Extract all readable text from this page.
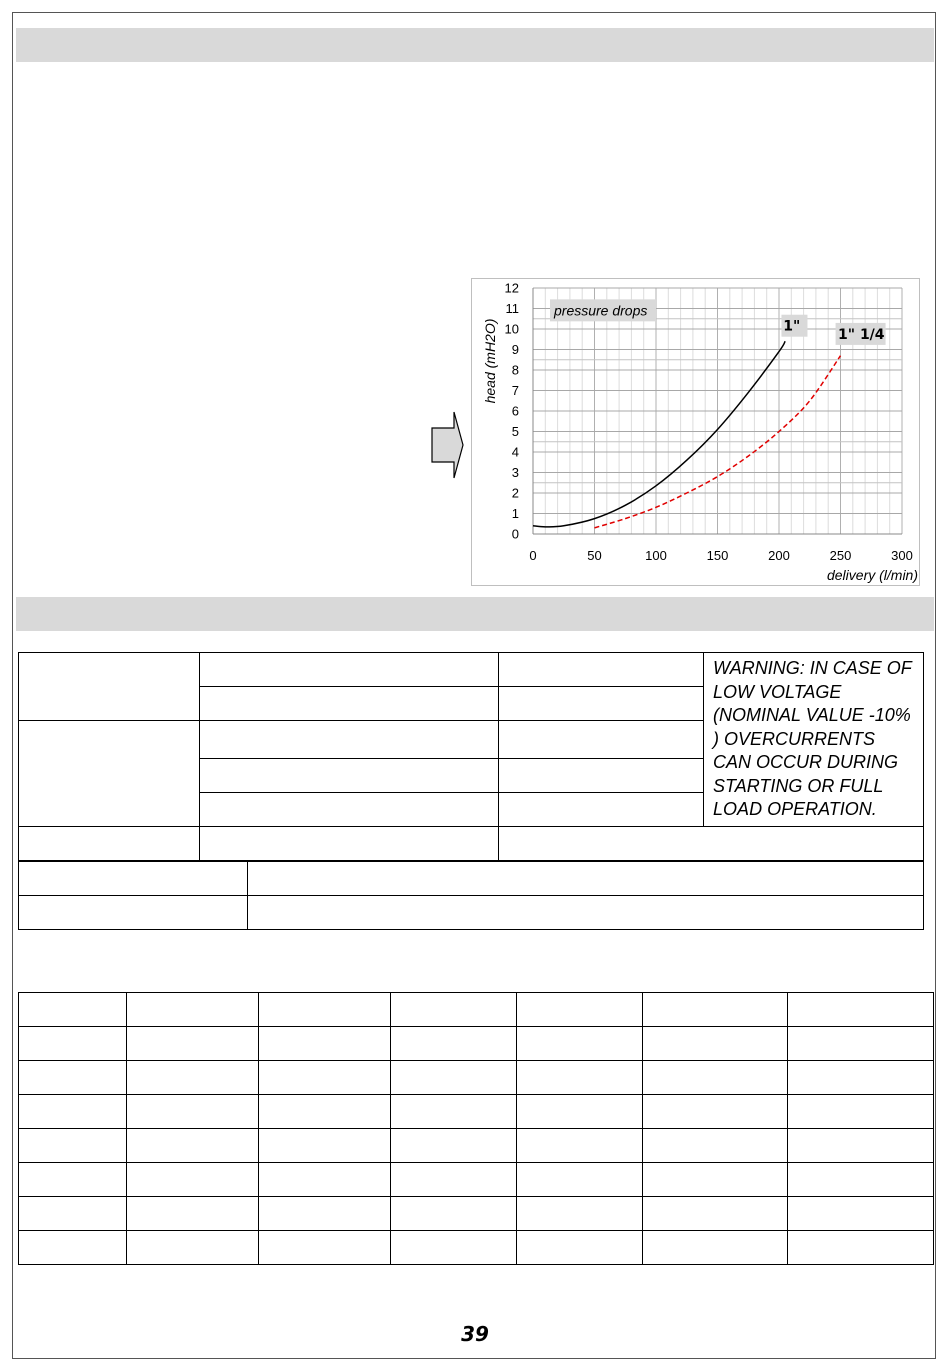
0
1
2
3
4
5
6
7
8
9
10
11
12
0	50	100	150	200	250	300
delivery (l/min)
head (mH2O)
pressure drops
1"
1" 1/4
			WARNING: IN CASE OF LOW VOLTAGE (NOMINAL VALUE -10% ) OVERCURRENTS CAN OCCUR DURING STARTING OR FULL LOAD OPERATION.

39
